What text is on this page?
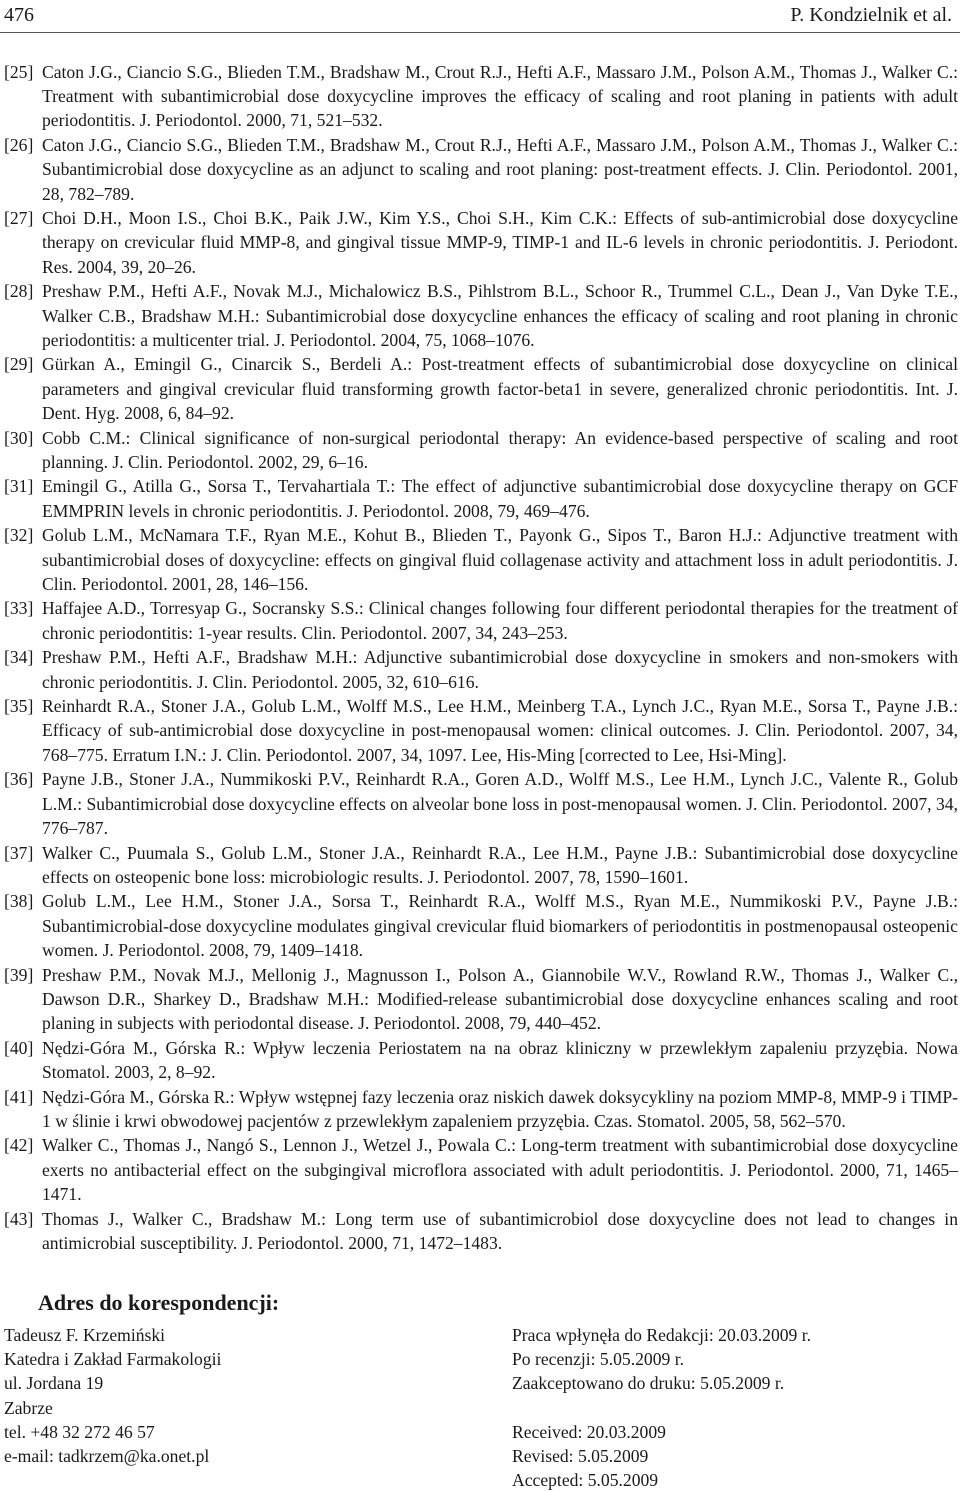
476	P. Kondzielnik et al.
[25] Caton J.G., Ciancio S.G., Blieden T.M., Bradshaw M., Crout R.J., Hefti A.F., Massaro J.M., Polson A.M., Thomas J., Walker C.: Treatment with subantimicrobial dose doxycycline improves the efficacy of scaling and root planing in patients with adult periodontitis. J. Periodontol. 2000, 71, 521–532.
[26] Caton J.G., Ciancio S.G., Blieden T.M., Bradshaw M., Crout R.J., Hefti A.F., Massaro J.M., Polson A.M., Thomas J., Walker C.: Subantimicrobial dose doxycycline as an adjunct to scaling and root planing: post-treatment effects. J. Clin. Periodontol. 2001, 28, 782–789.
[27] Choi D.H., Moon I.S., Choi B.K., Paik J.W., Kim Y.S., Choi S.H., Kim C.K.: Effects of sub-antimicrobial dose doxycycline therapy on crevicular fluid MMP-8, and gingival tissue MMP-9, TIMP-1 and IL-6 levels in chronic periodontitis. J. Periodont. Res. 2004, 39, 20–26.
[28] Preshaw P.M., Hefti A.F., Novak M.J., Michalowicz B.S., Pihlstrom B.L., Schoor R., Trummel C.L., Dean J., Van Dyke T.E., Walker C.B., Bradshaw M.H.: Subantimicrobial dose doxycycline enhances the efficacy of scaling and root planing in chronic periodontitis: a multicenter trial. J. Periodontol. 2004, 75, 1068–1076.
[29] Gürkan A., Emingil G., Cinarcik S., Berdeli A.: Post-treatment effects of subantimicrobial dose doxycycline on clinical parameters and gingival crevicular fluid transforming growth factor-beta1 in severe, generalized chronic periodontitis. Int. J. Dent. Hyg. 2008, 6, 84–92.
[30] Cobb C.M.: Clinical significance of non-surgical periodontal therapy: An evidence-based perspective of scaling and root planning. J. Clin. Periodontol. 2002, 29, 6–16.
[31] Emingil G., Atilla G., Sorsa T., Tervahartiala T.: The effect of adjunctive subantimicrobial dose doxycycline therapy on GCF EMMPRIN levels in chronic periodontitis. J. Periodontol. 2008, 79, 469–476.
[32] Golub L.M., McNamara T.F., Ryan M.E., Kohut B., Blieden T., Payonk G., Sipos T., Baron H.J.: Adjunctive treatment with subantimicrobial doses of doxycycline: effects on gingival fluid collagenase activity and attachment loss in adult periodontitis. J. Clin. Periodontol. 2001, 28, 146–156.
[33] Haffajee A.D., Torresyap G., Socransky S.S.: Clinical changes following four different periodontal therapies for the treatment of chronic periodontitis: 1-year results. Clin. Periodontol. 2007, 34, 243–253.
[34] Preshaw P.M., Hefti A.F., Bradshaw M.H.: Adjunctive subantimicrobial dose doxycycline in smokers and non-smokers with chronic periodontitis. J. Clin. Periodontol. 2005, 32, 610–616.
[35] Reinhardt R.A., Stoner J.A., Golub L.M., Wolff M.S., Lee H.M., Meinberg T.A., Lynch J.C., Ryan M.E., Sorsa T., Payne J.B.: Efficacy of sub-antimicrobial dose doxycycline in post-menopausal women: clinical outcomes. J. Clin. Periodontol. 2007, 34, 768–775. Erratum I.N.: J. Clin. Periodontol. 2007, 34, 1097. Lee, His-Ming [corrected to Lee, Hsi-Ming].
[36] Payne J.B., Stoner J.A., Nummikoski P.V., Reinhardt R.A., Goren A.D., Wolff M.S., Lee H.M., Lynch J.C., Valente R., Golub L.M.: Subantimicrobial dose doxycycline effects on alveolar bone loss in post-menopausal women. J. Clin. Periodontol. 2007, 34, 776–787.
[37] Walker C., Puumala S., Golub L.M., Stoner J.A., Reinhardt R.A., Lee H.M., Payne J.B.: Subantimicrobial dose doxycycline effects on osteopenic bone loss: microbiologic results. J. Periodontol. 2007, 78, 1590–1601.
[38] Golub L.M., Lee H.M., Stoner J.A., Sorsa T., Reinhardt R.A., Wolff M.S., Ryan M.E., Nummikoski P.V., Payne J.B.: Subantimicrobial-dose doxycycline modulates gingival crevicular fluid biomarkers of periodontitis in postmenopausal osteopenic women. J. Periodontol. 2008, 79, 1409–1418.
[39] Preshaw P.M., Novak M.J., Mellonig J., Magnusson I., Polson A., Giannobile W.V., Rowland R.W., Thomas J., Walker C., Dawson D.R., Sharkey D., Bradshaw M.H.: Modified-release subantimicrobial dose doxycycline enhances scaling and root planing in subjects with periodontal disease. J. Periodontol. 2008, 79, 440–452.
[40] Nędzi-Góra M., Górska R.: Wpływ leczenia Periostatem na na obraz kliniczny w przewlekłym zapaleniu przyzębia. Nowa Stomatol. 2003, 2, 8–92.
[41] Nędzi-Góra M., Górska R.: Wpływ wstępnej fazy leczenia oraz niskich dawek doksycykliny na poziom MMP-8, MMP-9 i TIMP-1 w ślinie i krwi obwodowej pacjentów z przewlekłym zapaleniem przyzębia. Czas. Stomatol. 2005, 58, 562–570.
[42] Walker C., Thomas J., Nangó S., Lennon J., Wetzel J., Powala C.: Long-term treatment with subantimicrobial dose doxycycline exerts no antibacterial effect on the subgingival microflora associated with adult periodontitis. J. Periodontol. 2000, 71, 1465–1471.
[43] Thomas J., Walker C., Bradshaw M.: Long term use of subantimicrobiol dose doxycycline does not lead to changes in antimicrobial susceptibility. J. Periodontol. 2000, 71, 1472–1483.
Adres do korespondencji:
Tadeusz F. Krzemiński
Katedra i Zakład Farmakologii
ul. Jordana 19
Zabrze
tel. +48 32 272 46 57
e-mail: tadkrzem@ka.onet.pl
Praca wpłynęła do Redakcji: 20.03.2009 r.
Po recenzji: 5.05.2009 r.
Zaakceptowano do druku: 5.05.2009 r.

Received: 20.03.2009
Revised: 5.05.2009
Accepted: 5.05.2009
